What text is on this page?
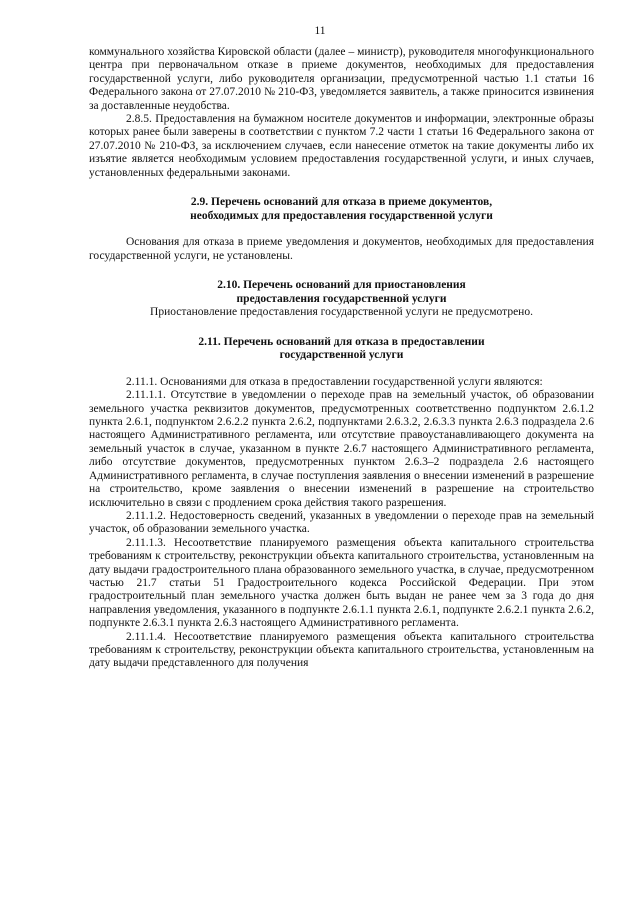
11

коммунального хозяйства Кировской области (далее – министр), руководителя многофункционального центра при первоначальном отказе в приеме документов, необходимых для предоставления государственной услуги, либо руководителя организации, предусмотренной частью 1.1 статьи 16 Федерального закона от 27.07.2010 № 210-ФЗ, уведомляется заявитель, а также приносится извинения за доставленные неудобства.

2.8.5. Предоставления на бумажном носителе документов и информации, электронные образы которых ранее были заверены в соответствии с пунктом 7.2 части 1 статьи 16 Федерального закона от 27.07.2010 № 210-ФЗ, за исключением случаев, если нанесение отметок на такие документы либо их изъятие является необходимым условием предоставления государственной услуги, и иных случаев, установленных федеральными законами.

2.9. Перечень оснований для отказа в приеме документов,
необходимых для предоставления государственной услуги

Основания для отказа в приеме уведомления и документов, необходимых для предоставления государственной услуги, не установлены.

2.10. Перечень оснований для приостановления
предоставления государственной услуги

Приостановление предоставления государственной услуги не предусмотрено.

2.11. Перечень оснований для отказа в предоставлении
государственной услуги

2.11.1. Основаниями для отказа в предоставлении государственной услуги являются:

2.11.1.1. Отсутствие в уведомлении о переходе прав на земельный участок, об образовании земельного участка реквизитов документов, предусмотренных соответственно подпунктом 2.6.1.2 пункта 2.6.1, подпунктом 2.6.2.2 пункта 2.6.2, подпунктами 2.6.3.2, 2.6.3.3 пункта 2.6.3 подраздела 2.6 настоящего Административного регламента, или отсутствие правоустанавливающего документа на земельный участок в случае, указанном в пункте 2.6.7 настоящего Административного регламента, либо отсутствие документов, предусмотренных пунктом 2.6.3–2 подраздела 2.6 настоящего Административного регламента, в случае поступления заявления о внесении изменений в разрешение на строительство, кроме заявления о внесении изменений в разрешение на строительство исключительно в связи с продлением срока действия такого разрешения.

2.11.1.2. Недостоверность сведений, указанных в уведомлении о переходе прав на земельный участок, об образовании земельного участка.

2.11.1.3. Несоответствие планируемого размещения объекта капитального строительства требованиям к строительству, реконструкции объекта капитального строительства, установленным на дату выдачи градостроительного плана образованного земельного участка, в случае, предусмотренном частью 21.7 статьи 51 Градостроительного кодекса Российской Федерации. При этом градостроительный план земельного участка должен быть выдан не ранее чем за 3 года до дня направления уведомления, указанного в подпункте 2.6.1.1 пункта 2.6.1, подпункте 2.6.2.1 пункта 2.6.2, подпункте 2.6.3.1 пункта 2.6.3 настоящего Административного регламента.

2.11.1.4. Несоответствие планируемого размещения объекта капитального строительства требованиям к строительству, реконструкции объекта капитального строительства, установленным на дату выдачи представленного для получения
